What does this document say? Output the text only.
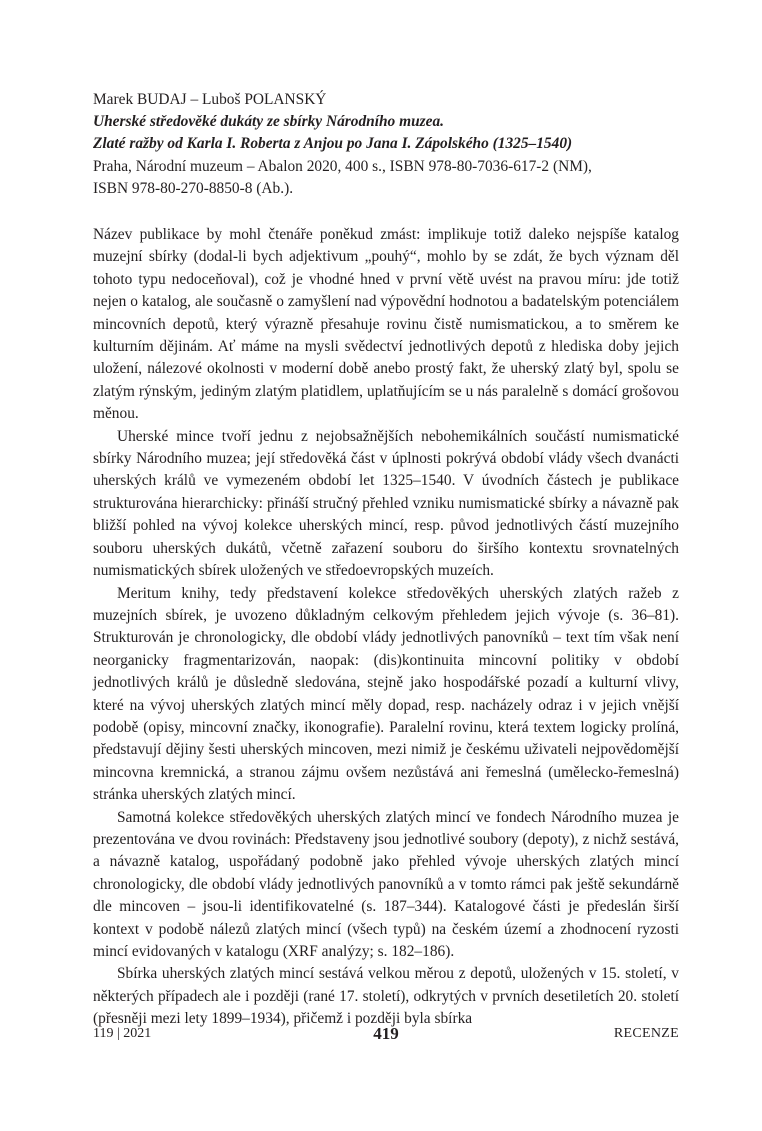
Marek BUDAJ – Luboš POLANSKÝ

Uherské středověké dukáty ze sbírky Národního muzea.

Zlaté ražby od Karla I. Roberta z Anjou po Jana I. Zápolského (1325–1540)

Praha, Národní muzeum – Abalon 2020, 400 s., ISBN 978-80-7036-617-2 (NM),

ISBN 978-80-270-8850-8 (Ab.).

Název publikace by mohl čtenáře poněkud zmást: implikuje totiž daleko nejspíše katalog muzejní sbírky (dodal-li bych adjektivum „pouhý“, mohlo by se zdát, že bych význam děl tohoto typu nedoceňoval), což je vhodné hned v první větě uvést na pravou míru: jde totiž nejen o katalog, ale současně o zamyšlení nad výpovědní hodnotou a badatelským potenciálem mincovních depotů, který výrazně přesahuje rovinu čistě numismatickou, a to směrem ke kulturním dějinám. Ať máme na mysli svědectví jednotlivých depotů z hlediska doby jejich uložení, nálezové okolnosti v moderní době anebo prostý fakt, že uherský zlatý byl, spolu se zlatým rýnským, jediným zlatým platidlem, uplatňujícím se u nás paralelně s domácí grošovou měnou.

Uherské mince tvoří jednu z nejobsažnějších nebohemikálních součástí numismatické sbírky Národního muzea; její středověká část v úplnosti pokrývá období vlády všech dvanácti uherských králů ve vymezeném období let 1325–1540. V úvodních částech je publikace strukturována hierarchicky: přináší stručný přehled vzniku numismatické sbírky a návazně pak bližší pohled na vývoj kolekce uherských mincí, resp. původ jednotlivých částí muzejního souboru uherských dukátů, včetně zařazení souboru do širšího kontextu srovnatelných numismatických sbírek uložených ve středoevropských muzeích.

Meritum knihy, tedy představení kolekce středověkých uherských zlatých ražeb z muzejních sbírek, je uvozeno důkladným celkovým přehledem jejich vývoje (s. 36–81). Strukturován je chronologicky, dle období vlády jednotlivých panovníků – text tím však není neorganicky fragmentarizován, naopak: (dis)kontinuita mincovní politiky v období jednotlivých králů je důsledně sledována, stejně jako hospodářské pozadí a kulturní vlivy, které na vývoj uherských zlatých mincí měly dopad, resp. nacházely odraz i v jejich vnější podobě (opisy, mincovní značky, ikonografie). Paralelní rovinu, která textem logicky prolíná, představují dějiny šesti uherských mincoven, mezi nimiž je českému uživateli nejpovědomější mincovna kremnická, a stranou zájmu ovšem nezůstává ani řemeslná (umělecko-řemeslná) stránka uherských zlatých mincí.

Samotná kolekce středověkých uherských zlatých mincí ve fondech Národního muzea je prezentována ve dvou rovinách: Představeny jsou jednotlivé soubory (depoty), z nichž sestává, a návazně katalog, uspořádaný podobně jako přehled vývoje uherských zlatých mincí chronologicky, dle období vlády jednotlivých panovníků a v tomto rámci pak ještě sekundárně dle mincoven – jsou-li identifikovatelné (s. 187–344). Katalogové části je předeslán širší kontext v podobě nálezů zlatých mincí (všech typů) na českém území a zhodnocení ryzosti mincí evidovaných v katalogu (XRF analýzy; s. 182–186).

Sbírka uherských zlatých mincí sestává velkou měrou z depotů, uložených v 15. století, v některých případech ale i později (rané 17. století), odkrytých v prvních desetiletích 20. století (přesněji mezi lety 1899–1934), přičemž i později byla sbírka

119 | 2021	419	RECENZE
